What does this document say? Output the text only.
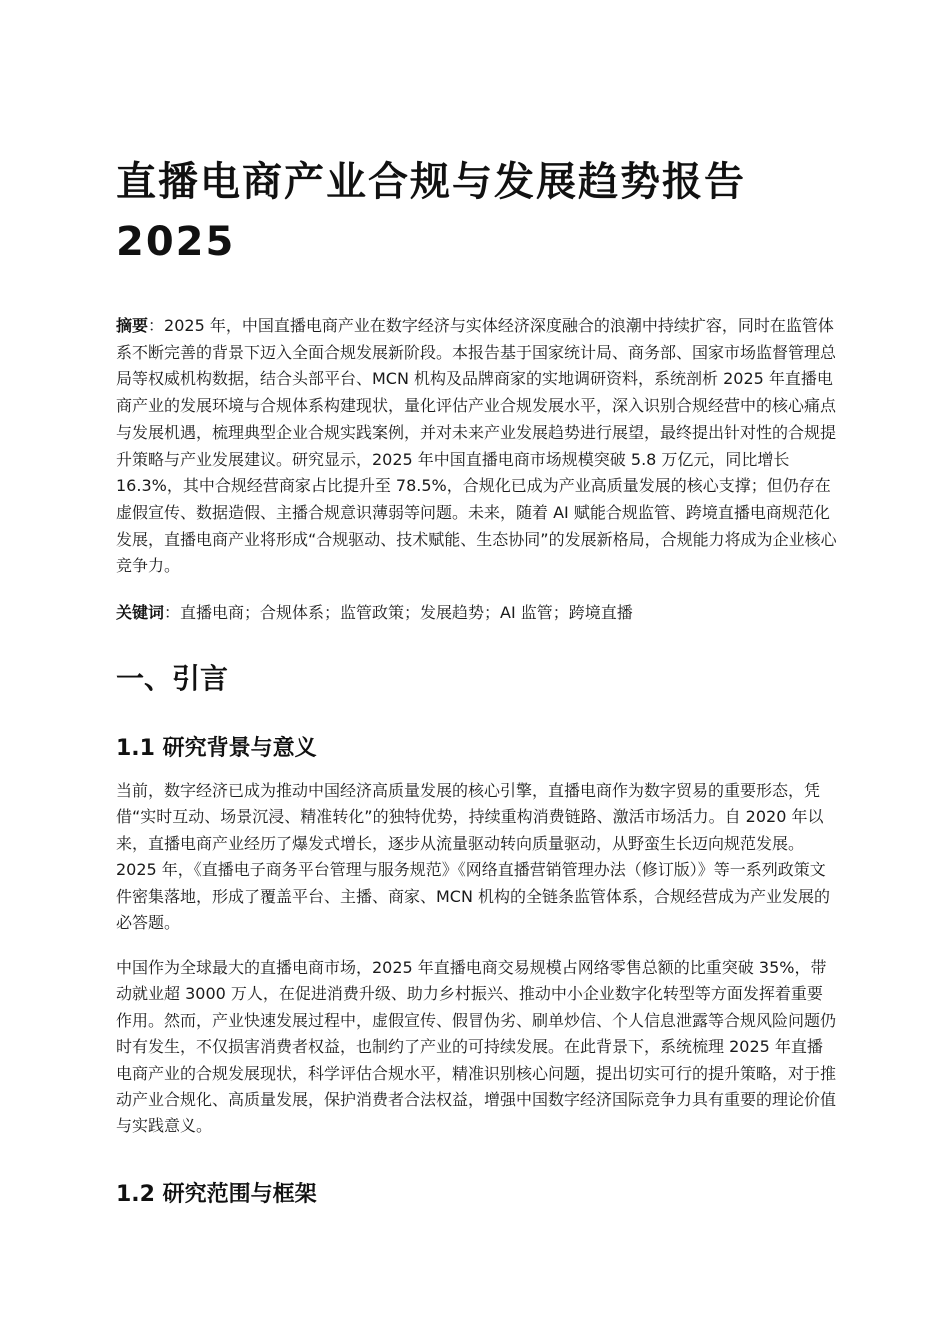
直播电商产业合规与发展趋势报告2025

摘要：2025 年，中国直播电商产业在数字经济与实体经济深度融合的浪潮中持续扩容，同时在监管体系不断完善的背景下迈入全面合规发展新阶段。本报告基于国家统计局、商务部、国家市场监督管理总局等权威机构数据，结合头部平台、MCN 机构及品牌商家的实地调研资料，系统剖析 2025 年直播电商产业的发展环境与合规体系构建现状，量化评估产业合规发展水平，深入识别合规经营中的核心痛点与发展机遇，梳理典型企业合规实践案例，并对未来产业发展趋势进行展望，最终提出针对性的合规提升策略与产业发展建议。研究显示，2025 年中国直播电商市场规模突破 5.8 万亿元，同比增长 16.3%，其中合规经营商家占比提升至 78.5%，合规化已成为产业高质量发展的核心支撑；但仍存在虚假宣传、数据造假、主播合规意识薄弱等问题。未来，随着 AI 赋能合规监管、跨境直播电商规范化发展，直播电商产业将形成“合规驱动、技术赋能、生态协同”的发展新格局，合规能力将成为企业核心竞争力。

关键词：直播电商；合规体系；监管政策；发展趋势；AI 监管；跨境直播

一、引言
1.1 研究背景与意义

当前，数字经济已成为推动中国经济高质量发展的核心引擎，直播电商作为数字贸易的重要形态，凭借“实时互动、场景沉浸、精准转化”的独特优势，持续重构消费链路、激活市场活力。自 2020 年以来，直播电商产业经历了爆发式增长，逐步从流量驱动转向质量驱动，从野蛮生长迈向规范发展。2025 年，《直播电子商务平台管理与服务规范》《网络直播营销管理办法（修订版）》等一系列政策文件密集落地，形成了覆盖平台、主播、商家、MCN 机构的全链条监管体系，合规经营成为产业发展的必答题。

中国作为全球最大的直播电商市场，2025 年直播电商交易规模占网络零售总额的比重突破 35%，带动就业超 3000 万人，在促进消费升级、助力乡村振兴、推动中小企业数字化转型等方面发挥着重要作用。然而，产业快速发展过程中，虚假宣传、假冒伪劣、刷单炒信、个人信息泄露等合规风险问题仍时有发生，不仅损害消费者权益，也制约了产业的可持续发展。在此背景下，系统梳理 2025 年直播电商产业的合规发展现状，科学评估合规水平，精准识别核心问题，提出切实可行的提升策略，对于推动产业合规化、高质量发展，保护消费者合法权益，增强中国数字经济国际竞争力具有重要的理论价值与实践意义。

1.2 研究范围与框架
